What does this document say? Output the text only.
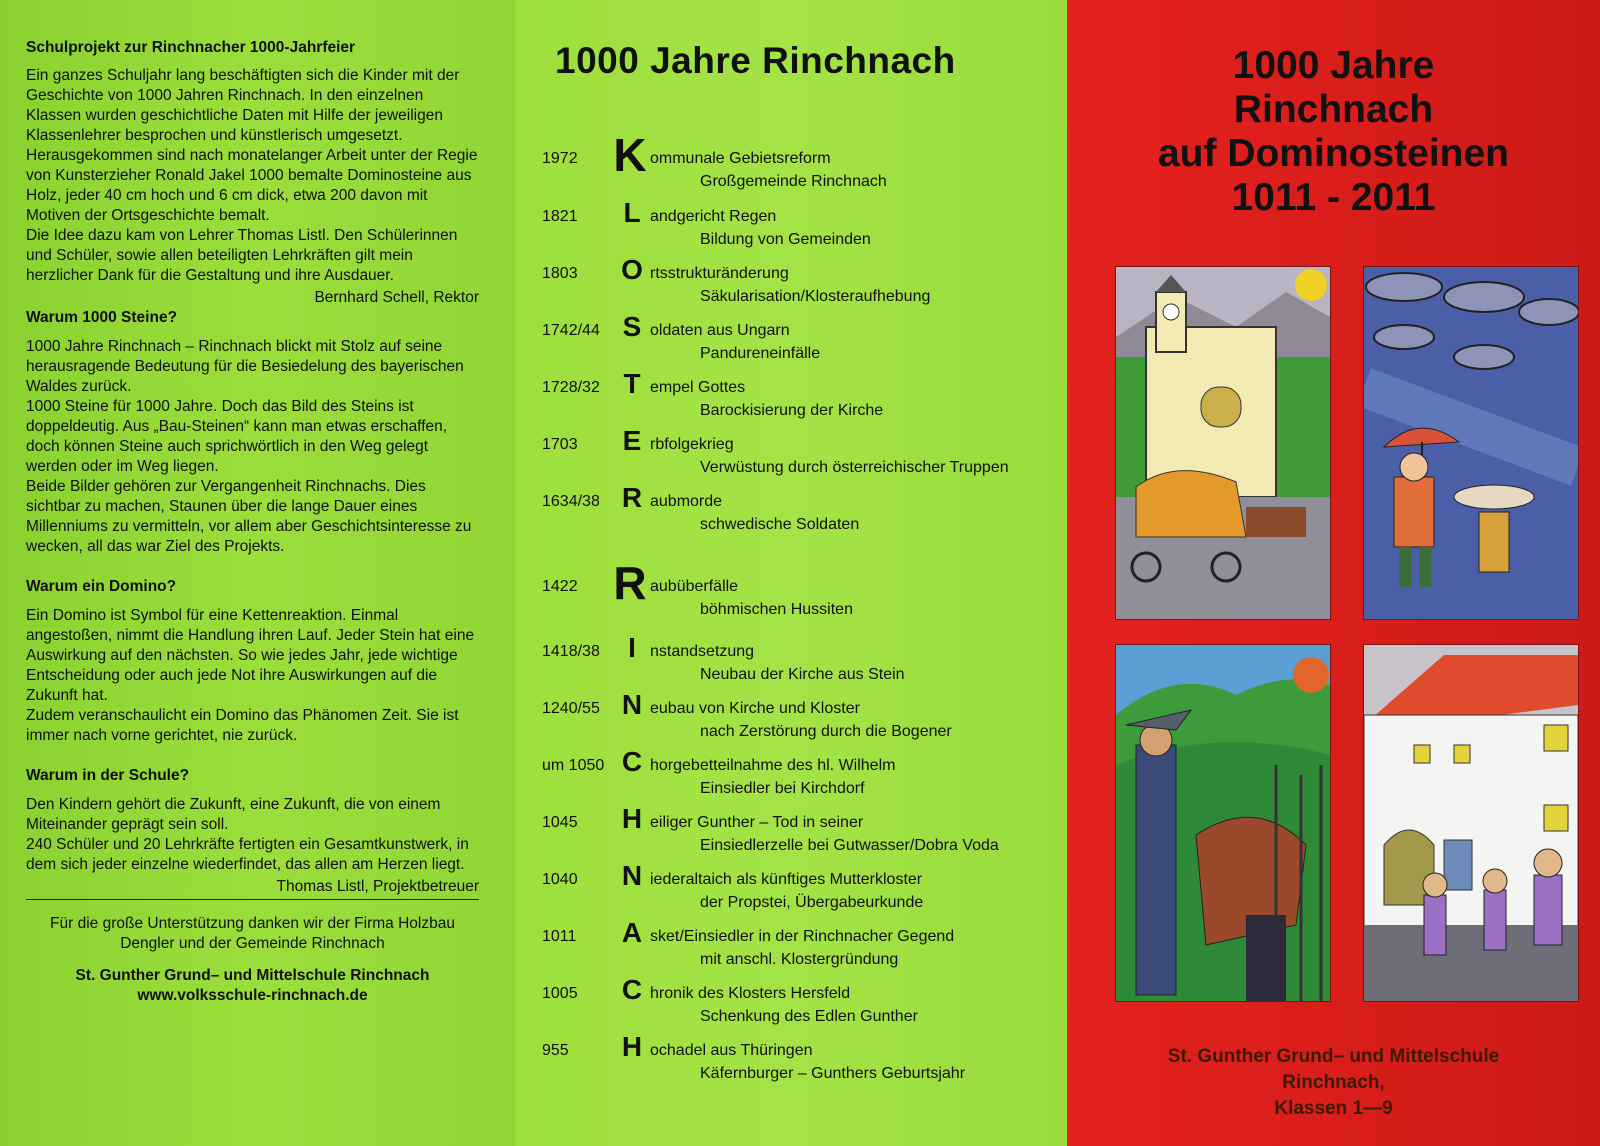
Schulprojekt zur Rinchnacher 1000-Jahrfeier

Ein ganzes Schuljahr lang beschäftigten sich die Kinder mit der Geschichte von 1000 Jahren Rinchnach. In den einzelnen Klassen wurden geschichtliche Daten mit Hilfe der jeweiligen Klassenlehrer besprochen und künstlerisch umgesetzt.

Herausgekommen sind nach monatelanger Arbeit unter der Regie von Kunsterzieher Ronald Jakel 1000 bemalte Dominosteine aus Holz, jeder 40 cm hoch und 6 cm dick, etwa 200 davon mit Motiven der Ortsgeschichte bemalt.

Die Idee dazu kam von Lehrer Thomas Listl. Den Schülerinnen und Schüler, sowie allen beteiligten Lehrkräften gilt mein herzlicher Dank für die Gestaltung und ihre Ausdauer.

Bernhard Schell, Rektor

Warum 1000 Steine?

1000 Jahre Rinchnach – Rinchnach blickt mit Stolz auf seine herausragende Bedeutung für die Besiedelung des bayerischen Waldes zurück.

1000 Steine für 1000 Jahre. Doch das Bild des Steins ist doppeldeutig. Aus „Bau-Steinen“ kann man etwas erschaffen, doch können Steine auch sprichwörtlich in den Weg gelegt werden oder im Weg liegen.

Beide Bilder gehören zur Vergangenheit Rinchnachs. Dies sichtbar zu machen, Staunen über die lange Dauer eines Millenniums zu vermitteln, vor allem aber Geschichtsinteresse zu wecken, all das war Ziel des Projekts.

Warum ein Domino?

Ein Domino ist Symbol für eine Kettenreaktion. Einmal angestoßen, nimmt die Handlung ihren Lauf. Jeder Stein hat eine Auswirkung auf den nächsten. So wie jedes Jahr, jede wichtige Entscheidung oder auch jede Not ihre Auswirkungen auf die Zukunft hat.

Zudem veranschaulicht ein Domino das Phänomen Zeit. Sie ist immer nach vorne gerichtet, nie zurück.

Warum in der Schule?

Den Kindern gehört die Zukunft, eine Zukunft, die von einem Miteinander geprägt sein soll.

240 Schüler und 20 Lehrkräfte fertigten ein Gesamtkunstwerk, in dem sich jeder einzelne wiederfindet, das allen am Herzen liegt.

Thomas Listl, Projektbetreuer

Für die große Unterstützung danken wir der Firma Holzbau Dengler und der Gemeinde Rinchnach

St. Gunther Grund– und Mittelschule Rinchnach

www.volksschule-rinchnach.de

1000 Jahre Rinchnach
1972 K ommunale Gebietsreform
Großgemeinde Rinchnach
1821	L andgericht Regen
Bildung von Gemeinden
1803 O rtsstrukturänderung
Säkularisation/Klosteraufhebung
1742/44 S oldaten aus Ungarn
Pandureneinfälle
1728/32 T empel Gottes
Barockisierung der Kirche
1703 E rbfolgekrieg
Verwüstung durch österreichischer Truppen
1634/38 R aubmorde
schwedische Soldaten
1422 R aubüberfälle
böhmischen Hussiten
1418/38	I nstandsetzung
Neubau der Kirche aus Stein
1240/55 N eubau von Kirche und Kloster
nach Zerstörung durch die Bogener
um 1050 C horgebetteilnahme des hl. Wilhelm
Einsiedler bei Kirchdorf
1045 H eiliger Gunther – Tod in seiner
Einsiedlerzelle bei Gutwasser/Dobra Voda
1040 N iederaltaich als künftiges Mutterkloster
der Propstei, Übergabeurkunde
1011 A sket/Einsiedler in der Rinchnacher Gegend
mit anschl. Klostergründung
1005 C hronik des Klosters Hersfeld
Schenkung des Edlen Gunther
955 H ochadel aus Thüringen
Käfernburger – Gunthers Geburtsjahr
1000 Jahre
Rinchnach
auf Dominosteinen
1011 - 2011
St. Gunther Grund– und Mittelschule
Rinchnach,
Klassen 1—9
